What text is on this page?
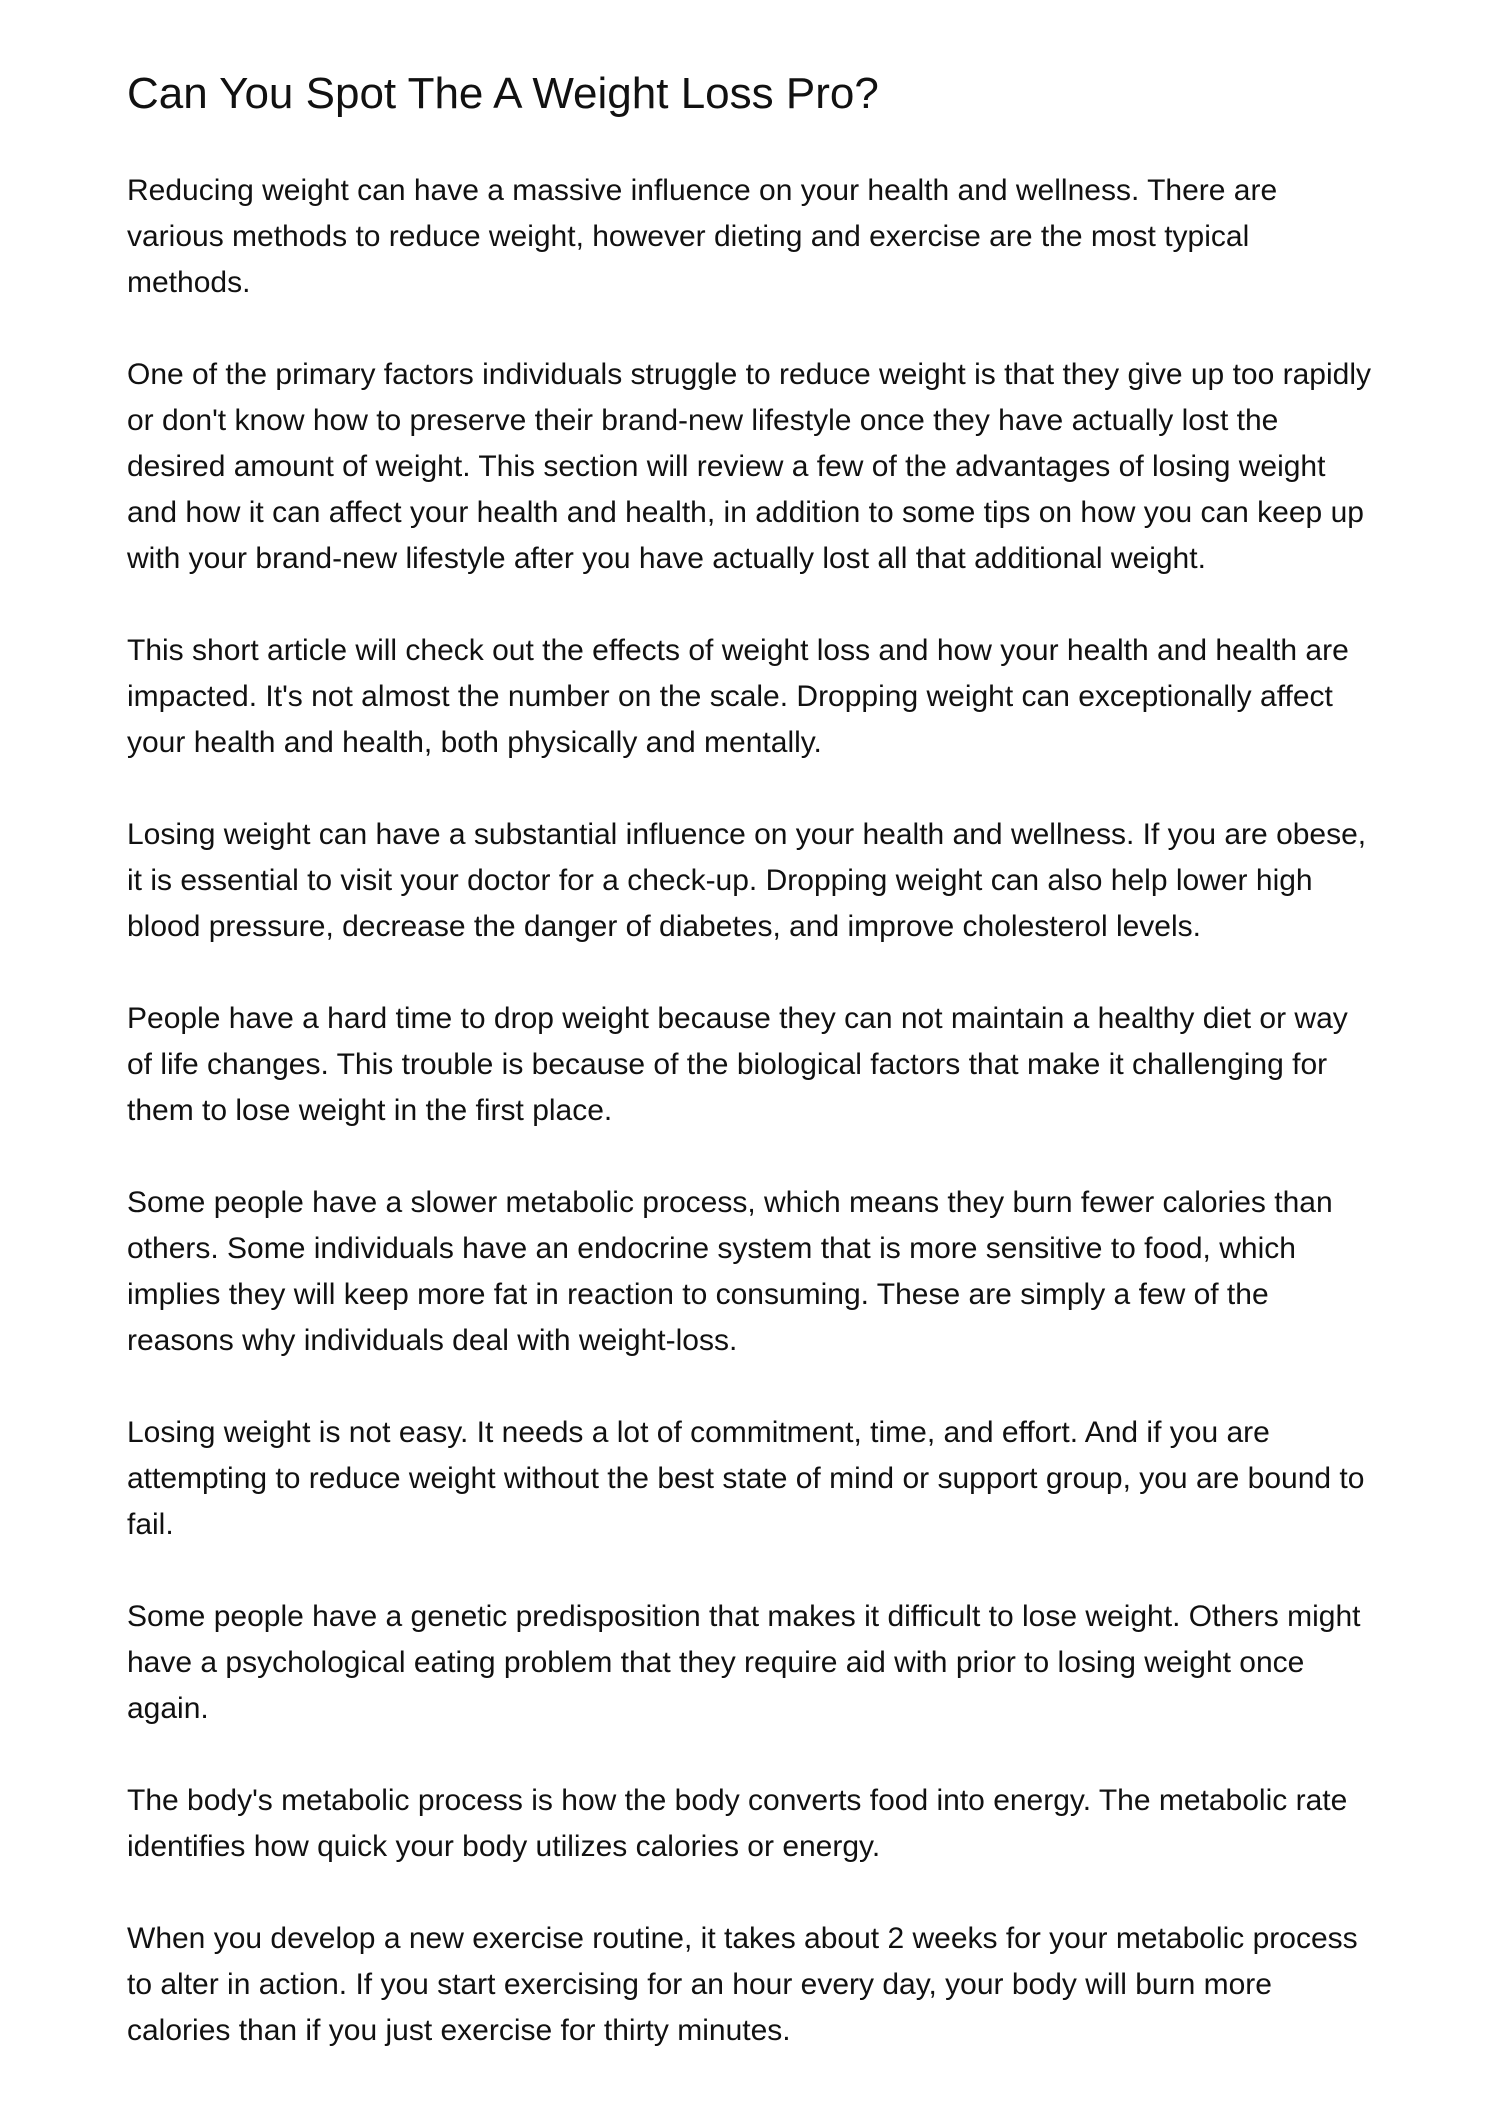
Can You Spot The A Weight Loss Pro?

Reducing weight can have a massive influence on your health and wellness. There are various methods to reduce weight, however dieting and exercise are the most typical methods.

One of the primary factors individuals struggle to reduce weight is that they give up too rapidly or don't know how to preserve their brand-new lifestyle once they have actually lost the desired amount of weight. This section will review a few of the advantages of losing weight and how it can affect your health and health, in addition to some tips on how you can keep up with your brand-new lifestyle after you have actually lost all that additional weight.

This short article will check out the effects of weight loss and how your health and health are impacted. It's not almost the number on the scale. Dropping weight can exceptionally affect your health and health, both physically and mentally.

Losing weight can have a substantial influence on your health and wellness. If you are obese, it is essential to visit your doctor for a check-up. Dropping weight can also help lower high blood pressure, decrease the danger of diabetes, and improve cholesterol levels.

People have a hard time to drop weight because they can not maintain a healthy diet or way of life changes. This trouble is because of the biological factors that make it challenging for them to lose weight in the first place.

Some people have a slower metabolic process, which means they burn fewer calories than others. Some individuals have an endocrine system that is more sensitive to food, which implies they will keep more fat in reaction to consuming. These are simply a few of the reasons why individuals deal with weight-loss.

Losing weight is not easy. It needs a lot of commitment, time, and effort. And if you are attempting to reduce weight without the best state of mind or support group, you are bound to fail.

Some people have a genetic predisposition that makes it difficult to lose weight. Others might have a psychological eating problem that they require aid with prior to losing weight once again.

The body's metabolic process is how the body converts food into energy. The metabolic rate identifies how quick your body utilizes calories or energy.

When you develop a new exercise routine, it takes about 2 weeks for your metabolic process to alter in action. If you start exercising for an hour every day, your body will burn more calories than if you just exercise for thirty minutes.
